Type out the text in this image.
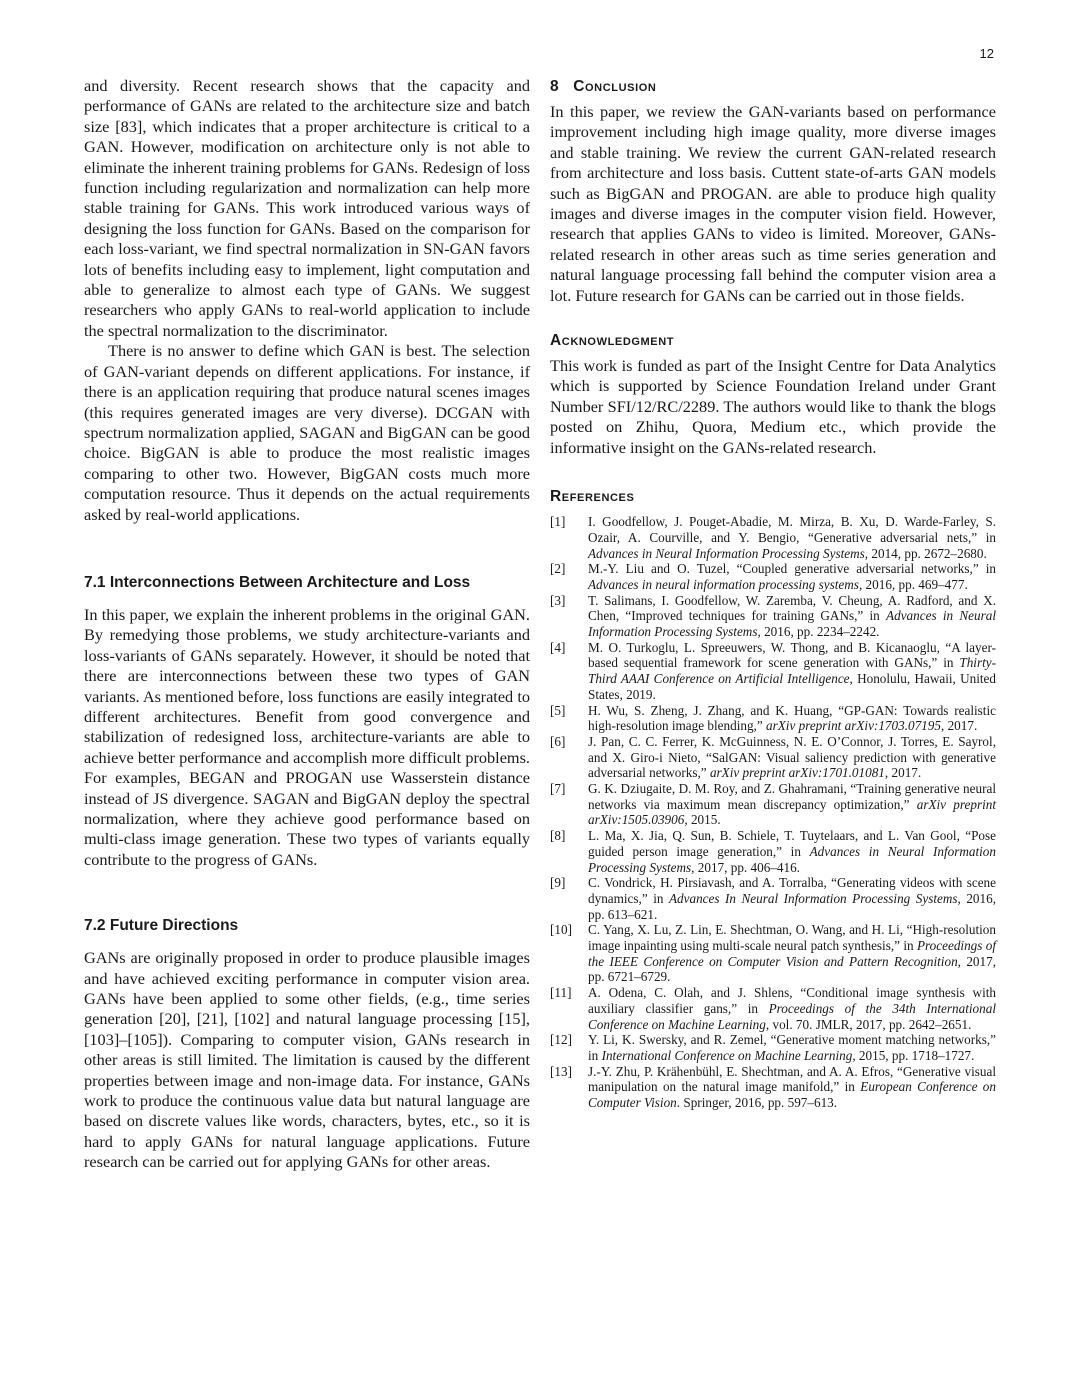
12

and diversity. Recent research shows that the capacity and performance of GANs are related to the architecture size and batch size [83], which indicates that a proper architecture is critical to a GAN. However, modification on architecture only is not able to eliminate the inherent training problems for GANs. Redesign of loss function including regularization and normalization can help more stable training for GANs. This work introduced various ways of designing the loss function for GANs. Based on the comparison for each loss-variant, we find spectral normalization in SN-GAN favors lots of benefits including easy to implement, light computation and able to generalize to almost each type of GANs. We suggest researchers who apply GANs to real-world application to include the spectral normalization to the discriminator.

There is no answer to define which GAN is best. The selection of GAN-variant depends on different applications. For instance, if there is an application requiring that produce natural scenes images (this requires generated images are very diverse). DCGAN with spectrum normalization applied, SAGAN and BigGAN can be good choice. BigGAN is able to produce the most realistic images comparing to other two. However, BigGAN costs much more computation resource. Thus it depends on the actual requirements asked by real-world applications.

7.1 Interconnections Between Architecture and Loss

In this paper, we explain the inherent problems in the original GAN. By remedying those problems, we study architecture-variants and loss-variants of GANs separately. However, it should be noted that there are interconnections between these two types of GAN variants. As mentioned before, loss functions are easily integrated to different architectures. Benefit from good convergence and stabilization of redesigned loss, architecture-variants are able to achieve better performance and accomplish more difficult problems. For examples, BEGAN and PROGAN use Wasserstein distance instead of JS divergence. SAGAN and BigGAN deploy the spectral normalization, where they achieve good performance based on multi-class image generation. These two types of variants equally contribute to the progress of GANs.

7.2 Future Directions

GANs are originally proposed in order to produce plausible images and have achieved exciting performance in computer vision area. GANs have been applied to some other fields, (e.g., time series generation [20], [21], [102] and natural language processing [15], [103]–[105]). Comparing to computer vision, GANs research in other areas is still limited. The limitation is caused by the different properties between image and non-image data. For instance, GANs work to produce the continuous value data but natural language are based on discrete values like words, characters, bytes, etc., so it is hard to apply GANs for natural language applications. Future research can be carried out for applying GANs for other areas.

8 Conclusion

In this paper, we review the GAN-variants based on performance improvement including high image quality, more diverse images and stable training. We review the current GAN-related research from architecture and loss basis. Cuttent state-of-arts GAN models such as BigGAN and PROGAN. are able to produce high quality images and diverse images in the computer vision field. However, research that applies GANs to video is limited. Moreover, GANs-related research in other areas such as time series generation and natural language processing fall behind the computer vision area a lot. Future research for GANs can be carried out in those fields.

Acknowledgment

This work is funded as part of the Insight Centre for Data Analytics which is supported by Science Foundation Ireland under Grant Number SFI/12/RC/2289. The authors would like to thank the blogs posted on Zhihu, Quora, Medium etc., which provide the informative insight on the GANs-related research.

References
[1]	I. Goodfellow, J. Pouget-Abadie, M. Mirza, B. Xu, D. Warde-Farley, S. Ozair, A. Courville, and Y. Bengio, “Generative adversarial nets,” in Advances in Neural Information Processing Systems, 2014, pp. 2672–2680.
[2]	M.-Y. Liu and O. Tuzel, “Coupled generative adversarial networks,” in Advances in neural information processing systems, 2016, pp. 469–477.
[3]	T. Salimans, I. Goodfellow, W. Zaremba, V. Cheung, A. Radford, and X. Chen, “Improved techniques for training GANs,” in Advances in Neural Information Processing Systems, 2016, pp. 2234–2242.
[4]	M. O. Turkoglu, L. Spreeuwers, W. Thong, and B. Kicanaoglu, “A layer-based sequential framework for scene generation with GANs,” in Thirty-Third AAAI Conference on Artificial Intelligence, Honolulu, Hawaii, United States, 2019.
[5]	H. Wu, S. Zheng, J. Zhang, and K. Huang, “GP-GAN: Towards realistic high-resolution image blending,” arXiv preprint arXiv:1703.07195, 2017.
[6]	J. Pan, C. C. Ferrer, K. McGuinness, N. E. O’Connor, J. Torres, E. Sayrol, and X. Giro-i Nieto, “SalGAN: Visual saliency prediction with generative adversarial networks,” arXiv preprint arXiv:1701.01081, 2017.
[7]	G. K. Dziugaite, D. M. Roy, and Z. Ghahramani, “Training generative neural networks via maximum mean discrepancy optimization,” arXiv preprint arXiv:1505.03906, 2015.
[8]	L. Ma, X. Jia, Q. Sun, B. Schiele, T. Tuytelaars, and L. Van Gool, “Pose guided person image generation,” in Advances in Neural Information Processing Systems, 2017, pp. 406–416.
[9]	C. Vondrick, H. Pirsiavash, and A. Torralba, “Generating videos with scene dynamics,” in Advances In Neural Information Processing Systems, 2016, pp. 613–621.
[10]	C. Yang, X. Lu, Z. Lin, E. Shechtman, O. Wang, and H. Li, “High-resolution image inpainting using multi-scale neural patch synthesis,” in Proceedings of the IEEE Conference on Computer Vision and Pattern Recognition, 2017, pp. 6721–6729.
[11]	A. Odena, C. Olah, and J. Shlens, “Conditional image synthesis with auxiliary classifier gans,” in Proceedings of the 34th International Conference on Machine Learning, vol. 70. JMLR, 2017, pp. 2642–2651.
[12]	Y. Li, K. Swersky, and R. Zemel, “Generative moment matching networks,” in International Conference on Machine Learning, 2015, pp. 1718–1727.
[13]	J.-Y. Zhu, P. Krähenbühl, E. Shechtman, and A. A. Efros, “Generative visual manipulation on the natural image manifold,” in European Conference on Computer Vision. Springer, 2016, pp. 597–613.
